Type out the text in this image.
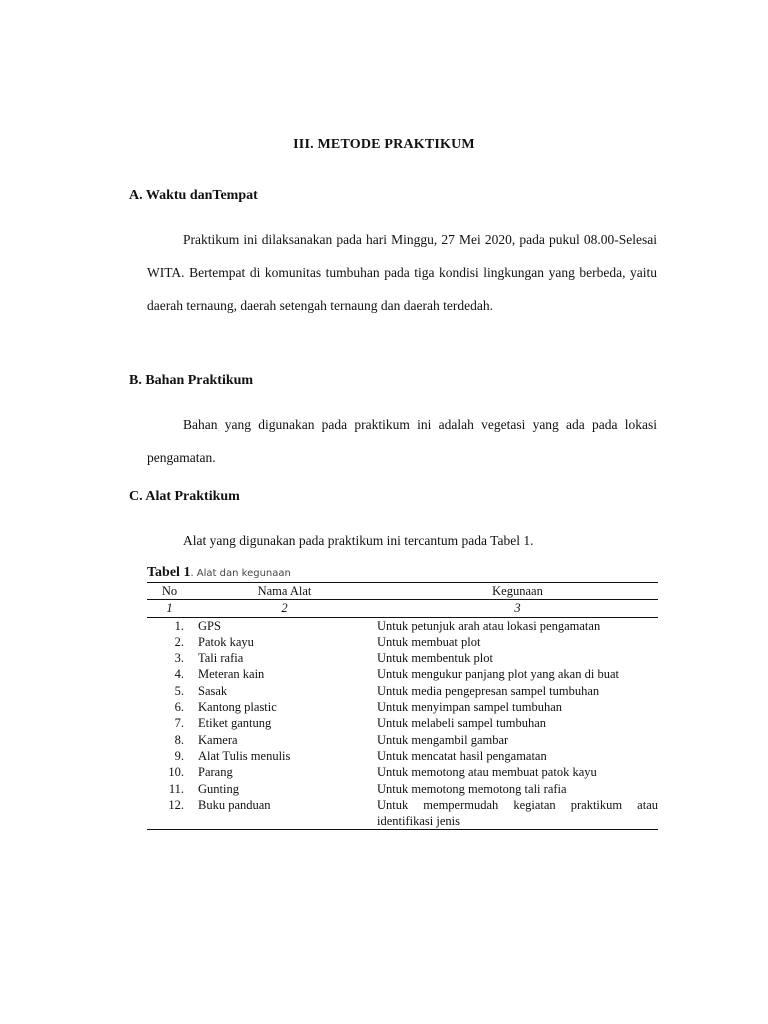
III. METODE PRAKTIKUM
A. Waktu danTempat
Praktikum ini dilaksanakan pada hari Minggu, 27 Mei 2020, pada pukul 08.00-Selesai WITA. Bertempat di komunitas tumbuhan pada tiga kondisi lingkungan yang berbeda, yaitu daerah ternaung, daerah setengah ternaung dan daerah terdedah.
B. Bahan Praktikum
Bahan yang digunakan pada praktikum ini adalah vegetasi yang ada pada lokasi pengamatan.
C. Alat Praktikum
Alat yang digunakan pada praktikum ini tercantum pada Tabel 1.
Tabel 1. Alat dan kegunaan
No	Nama Alat	Kegunaan
1	2	3
1.	GPS	Untuk petunjuk arah atau lokasi pengamatan
2.	Patok kayu	Untuk membuat plot
3.	Tali rafia	Untuk membentuk plot
4.	Meteran kain	Untuk mengukur panjang plot yang akan di buat
5.	Sasak	Untuk media pengepresan sampel tumbuhan
6.	Kantong plastic	Untuk menyimpan sampel tumbuhan
7.	Etiket gantung	Untuk melabeli sampel tumbuhan
8.	Kamera	Untuk mengambil gambar
9.	Alat Tulis menulis	Untuk mencatat hasil pengamatan
10.	Parang	Untuk memotong atau membuat patok kayu
11.	Gunting	Untuk memotong memotong tali rafia
12.	Buku panduan	Untuk mempermudah kegiatan praktikum atau identifikasi jenis
